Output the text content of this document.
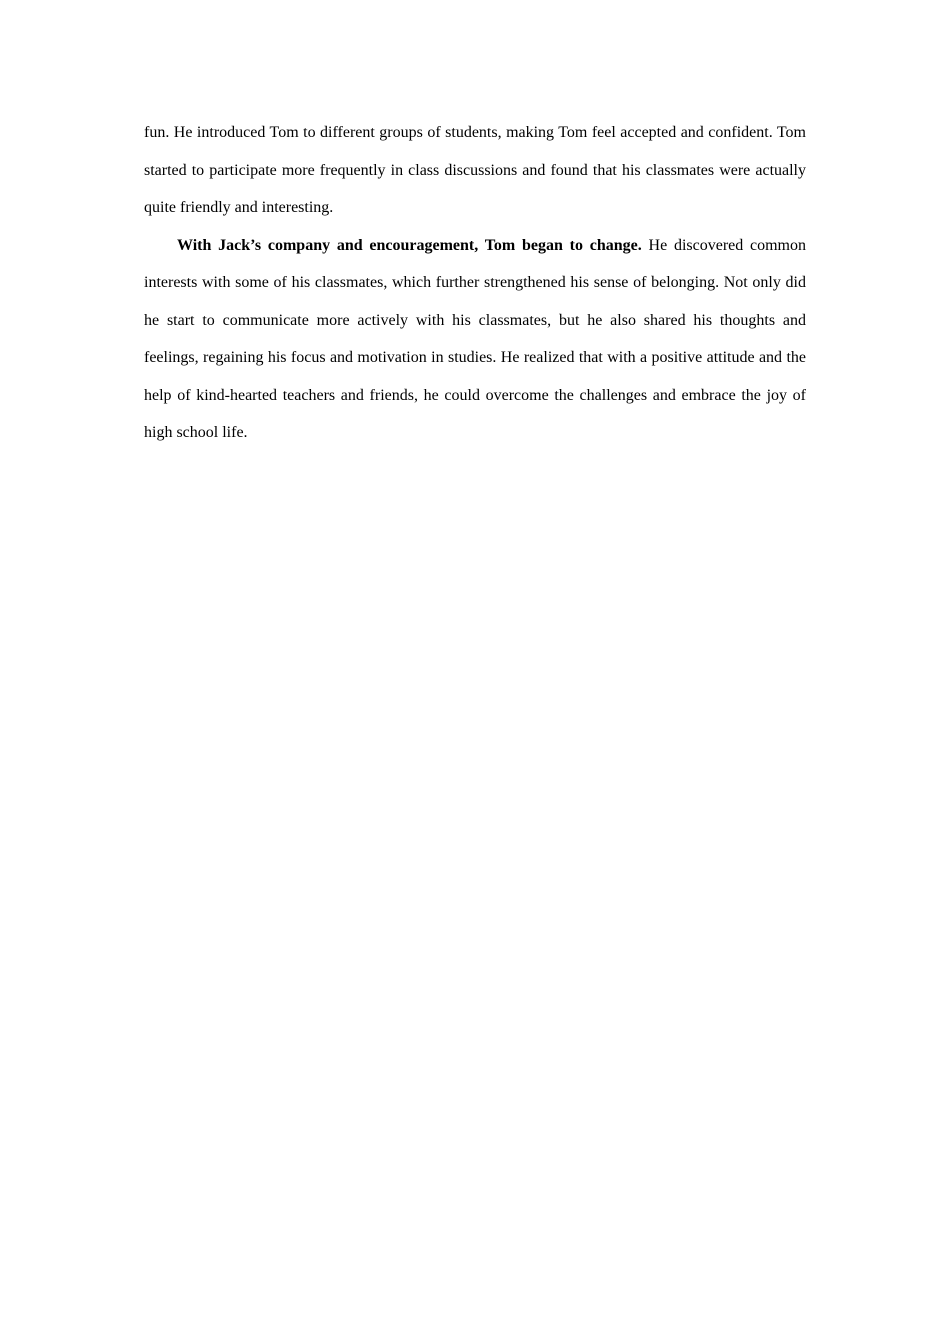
fun. He introduced Tom to different groups of students, making Tom feel accepted and confident. Tom started to participate more frequently in class discussions and found that his classmates were actually quite friendly and interesting.

With Jack’s company and encouragement, Tom began to change. He discovered common interests with some of his classmates, which further strengthened his sense of belonging. Not only did he start to communicate more actively with his classmates, but he also shared his thoughts and feelings, regaining his focus and motivation in studies. He realized that with a positive attitude and the help of kind-hearted teachers and friends, he could overcome the challenges and embrace the joy of high school life.
